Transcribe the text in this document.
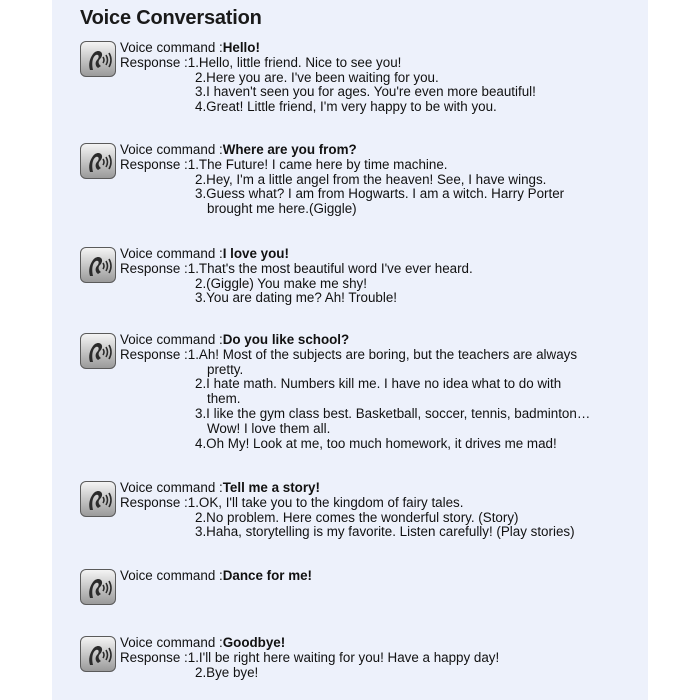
Voice Conversation
Voice command :Hello!
Response :1.Hello, little friend. Nice to see you!
2.Here you are. I've been waiting for you.
3.I haven't seen you for ages. You're even more beautiful!
4.Great! Little friend, I'm very happy to be with you.
Voice command :Where are you from?
Response :1.The Future! I came here by time machine.
2.Hey, I'm a little angel from the heaven! See, I have wings.
3.Guess what? I am from Hogwarts. I am a witch. Harry Porter
brought me here.(Giggle)
Voice command :I love you!
Response :1.That's the most beautiful word I've ever heard.
2.(Giggle) You make me shy!
3.You are dating me? Ah! Trouble!
Voice command :Do you like school?
Response :1.Ah! Most of the subjects are boring, but the teachers are always
pretty.
2.I hate math. Numbers kill me. I have no idea what to do with
them.
3.I like the gym class best. Basketball, soccer, tennis, badminton…
Wow! I love them all.
4.Oh My! Look at me, too much homework, it drives me mad!
Voice command :Tell me a story!
Response :1.OK, I'll take you to the kingdom of fairy tales.
2.No problem. Here comes the wonderful story. (Story)
3.Haha, storytelling is my favorite. Listen carefully! (Play stories)
Voice command :Dance for me!
Voice command :Goodbye!
Response :1.I'll be right here waiting for you! Have a happy day!
2.Bye bye!
